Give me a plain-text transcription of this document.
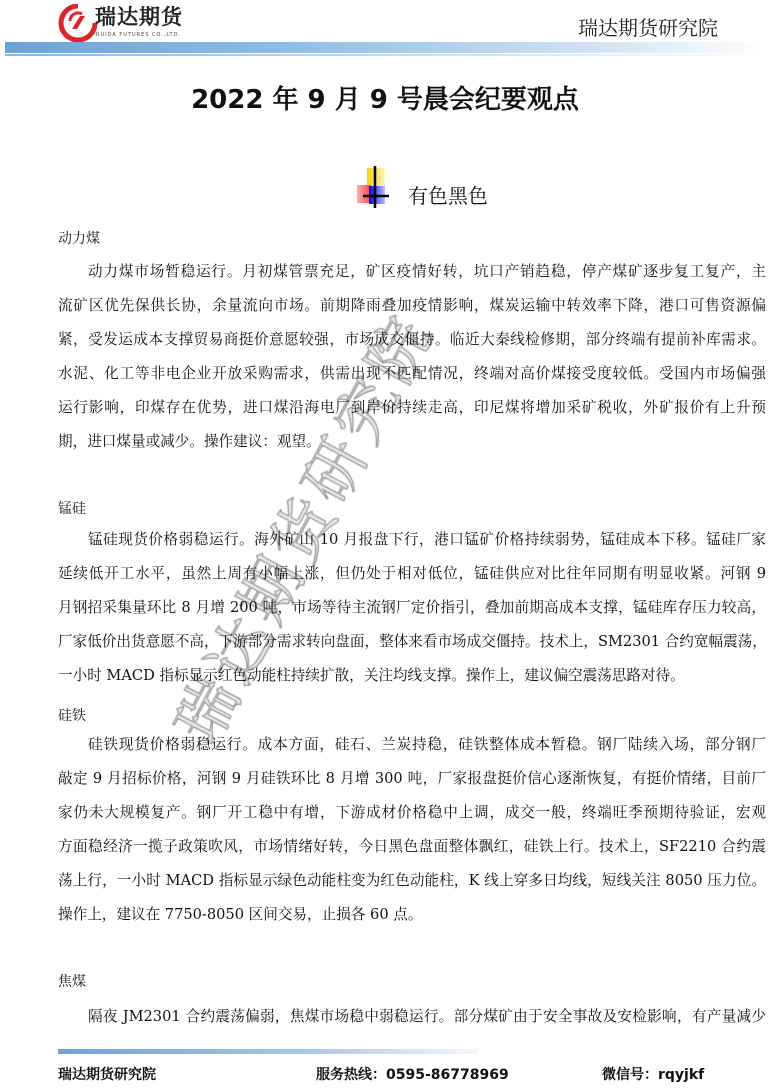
瑞达期货
RUIDA FUTURES CO.,LTD.	瑞达期货研究院
2022 年 9 月 9 号晨会纪要观点
有色黑色
动力煤
动力煤市场暂稳运行。月初煤管票充足，矿区疫情好转，坑口产销趋稳，停产煤矿逐步复工复产，主
流矿区优先保供长协，余量流向市场。前期降雨叠加疫情影响，煤炭运输中转效率下降，港口可售资源偏
紧，受发运成本支撑贸易商挺价意愿较强，市场成交僵持。临近大秦线检修期，部分终端有提前补库需求。
水泥、化工等非电企业开放采购需求，供需出现不匹配情况，终端对高价煤接受度较低。受国内市场偏强
运行影响，印煤存在优势，进口煤沿海电厂到岸价持续走高，印尼煤将增加采矿税收，外矿报价有上升预
期，进口煤量或减少。操作建议：观望。
锰硅
锰硅现货价格弱稳运行。海外矿山 10 月报盘下行，港口锰矿价格持续弱势，锰硅成本下移。锰硅厂家
延续低开工水平，虽然上周有小幅上涨，但仍处于相对低位，锰硅供应对比往年同期有明显收紧。河钢 9
月钢招采集量环比 8 月增 200 吨，市场等待主流钢厂定价指引，叠加前期高成本支撑，锰硅库存压力较高，
厂家低价出货意愿不高，下游部分需求转向盘面，整体来看市场成交僵持。技术上，SM2301 合约宽幅震荡，
一小时 MACD 指标显示红色动能柱持续扩散，关注均线支撑。操作上，建议偏空震荡思路对待。
硅铁
硅铁现货价格弱稳运行。成本方面，硅石、兰炭持稳，硅铁整体成本暂稳。钢厂陆续入场，部分钢厂
敲定 9 月招标价格，河钢 9 月硅铁环比 8 月增 300 吨，厂家报盘挺价信心逐渐恢复，有挺价情绪，目前厂
家仍未大规模复产。钢厂开工稳中有增，下游成材价格稳中上调，成交一般，终端旺季预期待验证，宏观
方面稳经济一揽子政策吹风，市场情绪好转，今日黑色盘面整体飘红，硅铁上行。技术上，SF2210 合约震
荡上行，一小时 MACD 指标显示绿色动能柱变为红色动能柱，K 线上穿多日均线，短线关注 8050 压力位。
操作上，建议在 7750-8050 区间交易，止损各 60 点。
焦煤
隔夜 JM2301 合约震荡偏弱，焦煤市场稳中弱稳运行。部分煤矿由于安全事故及安检影响，有产量减少
瑞达期货研究院	服务热线：0595-86778969	微信号：rqyjkf
